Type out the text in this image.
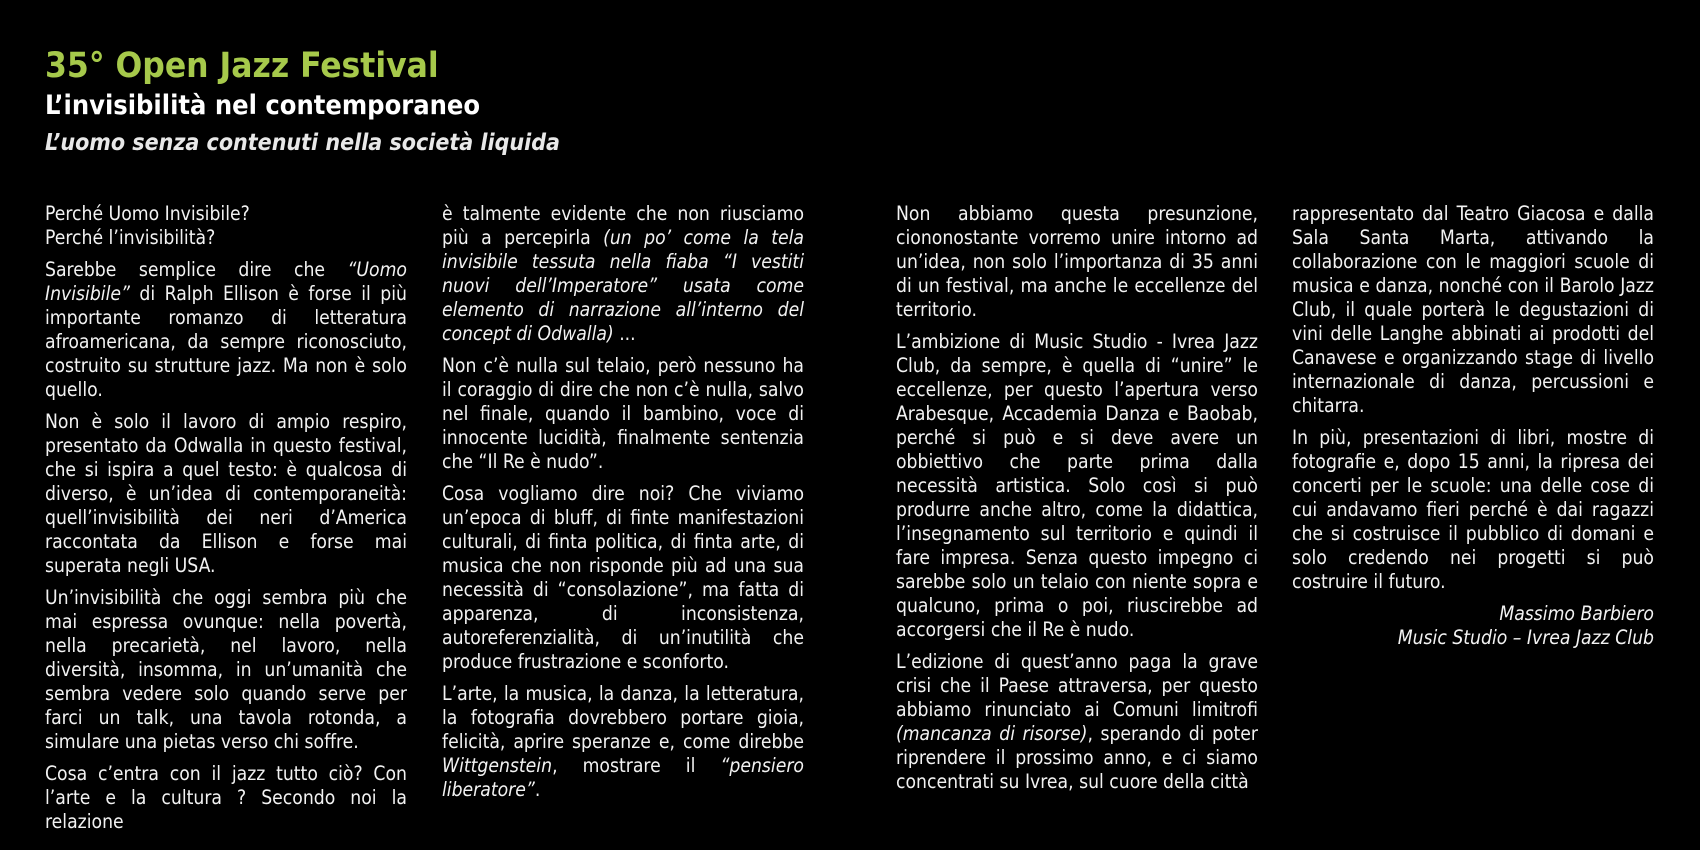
35° Open Jazz Festival
L’invisibilità nel contemporaneo
L’uomo senza contenuti nella società liquida

Perché Uomo Invisibile?

Perché l’invisibilità?

Sarebbe semplice dire che “Uomo Invisibile” di Ralph Ellison è forse il più importante romanzo di letteratura afroamericana, da sempre riconosciuto, costruito su strutture jazz. Ma non è solo quello.

Non è solo il lavoro di ampio respiro, presentato da Odwalla in questo festival, che si ispira a quel testo: è qualcosa di diverso, è un’idea di contemporaneità: quell’invisibilità dei neri d’America raccontata da Ellison e forse mai superata negli USA.

Un’invisibilità che oggi sembra più che mai espressa ovunque: nella povertà, nella precarietà, nel lavoro, nella diversità, insomma, in un’umanità che sembra vedere solo quando serve per farci un talk, una tavola rotonda, a simulare una pietas verso chi soffre.

Cosa c’entra con il jazz tutto ciò? Con l’arte e la cultura ? Secondo noi la relazione

è talmente evidente che non riusciamo più a percepirla (un po’ come la tela invisibile tessuta nella fiaba “I vestiti nuovi dell’Imperatore” usata come elemento di narrazione all’interno del concept di Odwalla) ...

Non c’è nulla sul telaio, però nessuno ha il coraggio di dire che non c’è nulla, salvo nel finale, quando il bambino, voce di innocente lucidità, finalmente sentenzia che “Il Re è nudo”.

Cosa vogliamo dire noi? Che viviamo un’epoca di bluff, di finte manifestazioni culturali, di finta politica, di finta arte, di musica che non risponde più ad una sua necessità di “consolazione”, ma fatta di apparenza, di inconsistenza, autoreferenzialità, di un’inutilità che produce frustrazione e sconforto.

L’arte, la musica, la danza, la letteratura, la fotografia dovrebbero portare gioia, felicità, aprire speranze e, come direbbe Wittgenstein, mostrare il “pensiero liberatore”.

Non abbiamo questa presunzione, ciononostante vorremo unire intorno ad un’idea, non solo l’importanza di 35 anni di un festival, ma anche le eccellenze del territorio.

L’ambizione di Music Studio - Ivrea Jazz Club, da sempre, è quella di “unire” le eccellenze, per questo l’apertura verso Arabesque, Accademia Danza e Baobab, perché si può e si deve avere un obbiettivo che parte prima dalla necessità artistica. Solo così si può produrre anche altro, come la didattica, l’insegnamento sul territorio e quindi il fare impresa. Senza questo impegno ci sarebbe solo un telaio con niente sopra e qualcuno, prima o poi, riuscirebbe ad accorgersi che il Re è nudo.

L’edizione di quest’anno paga la grave crisi che il Paese attraversa, per questo abbiamo rinunciato ai Comuni limitrofi (mancanza di risorse), sperando di poter riprendere il prossimo anno, e ci siamo concentrati su Ivrea, sul cuore della città

rappresentato dal Teatro Giacosa e dalla Sala Santa Marta, attivando la collaborazione con le maggiori scuole di musica e danza, nonché con il Barolo Jazz Club, il quale porterà le degustazioni di vini delle Langhe abbinati ai prodotti del Canavese e organizzando stage di livello internazionale di danza, percussioni e chitarra.

In più, presentazioni di libri, mostre di fotografie e, dopo 15 anni, la ripresa dei concerti per le scuole: una delle cose di cui andavamo fieri perché è dai ragazzi che si costruisce il pubblico di domani e solo credendo nei progetti si può costruire il futuro.

Massimo Barbiero
Music Studio – Ivrea Jazz Club
